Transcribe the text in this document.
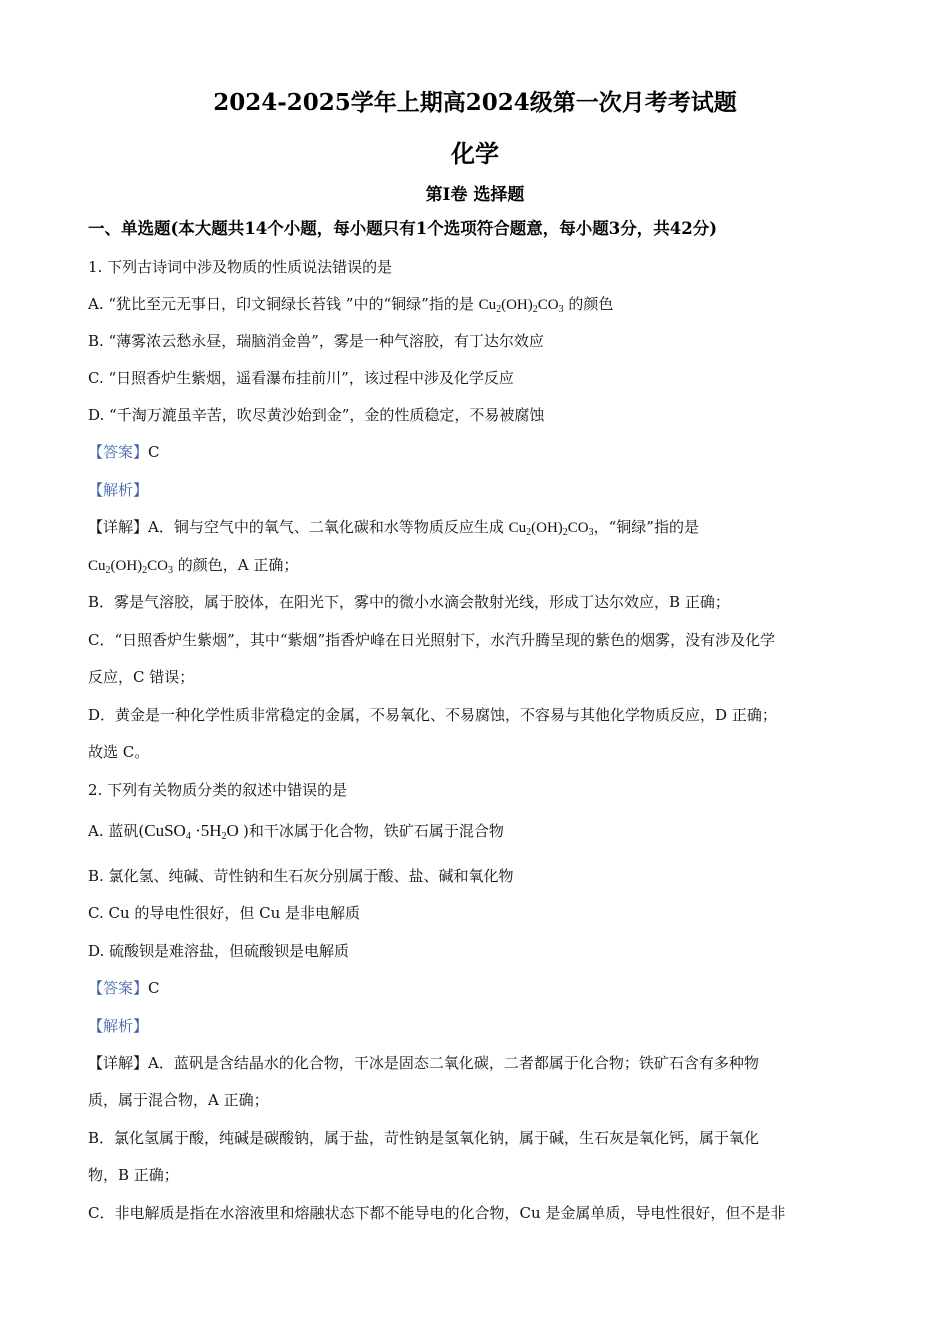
2024-2025学年上期高2024级第一次月考考试题
化学
第Ⅰ卷 选择题
一、单选题(本大题共14个小题，每小题只有1个选项符合题意，每小题3分，共42分)
1. 下列古诗词中涉及物质的性质说法错误的是
A. “犹比至元无事日，印文铜绿长苔钱 ”中的“铜绿”指的是 $Cu_2(OH)_2CO_3$ 的颜色
B. “薄雾浓云愁永昼，瑞脑消金兽”，雾是一种气溶胶，有丁达尔效应
C. “日照香炉生紫烟，遥看瀑布挂前川”，该过程中涉及化学反应
D. “千淘万漉虽辛苦，吹尽黄沙始到金”，金的性质稳定，不易被腐蚀
【答案】C
【解析】
【详解】A．铜与空气中的氧气、二氧化碳和水等物质反应生成 $Cu_2(OH)_2CO_3$，“铜绿”指的是
$Cu_2(OH)_2CO_3$ 的颜色，A 正确；
B．雾是气溶胶，属于胶体，在阳光下，雾中的微小水滴会散射光线，形成丁达尔效应，B 正确；
C．“日照香炉生紫烟”，其中“紫烟”指香炉峰在日光照射下，水汽升腾呈现的紫色的烟雾，没有涉及化学
反应，C 错误；
D．黄金是一种化学性质非常稳定的金属，不易氧化、不易腐蚀，不容易与其他化学物质反应，D 正确；
故选 C。
2. 下列有关物质分类的叙述中错误的是
A. 蓝矾(CuSO$_4$ $\cdot 5H_2O$ )和干冰属于化合物，铁矿石属于混合物
B. 氯化氢、纯碱、苛性钠和生石灰分别属于酸、盐、碱和氧化物
C. Cu 的导电性很好，但 Cu 是非电解质
D. 硫酸钡是难溶盐，但硫酸钡是电解质
【答案】C
【解析】
【详解】A．蓝矾是含结晶水的化合物，干冰是固态二氧化碳，二者都属于化合物；铁矿石含有多种物
质，属于混合物，A 正确；
B．氯化氢属于酸，纯碱是碳酸钠，属于盐，苛性钠是氢氧化钠，属于碱，生石灰是氧化钙，属于氧化
物，B 正确；
C．非电解质是指在水溶液里和熔融状态下都不能导电的化合物，Cu 是金属单质，导电性很好，但不是非
